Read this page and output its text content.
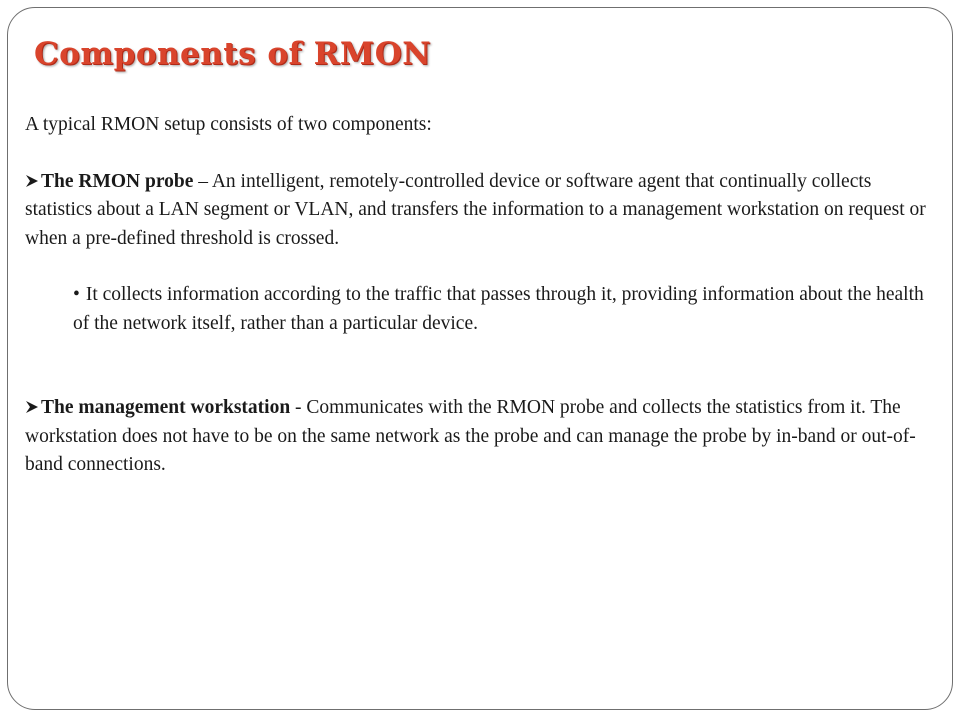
Components of RMON

A typical RMON setup consists of two components:

The RMON probe – An intelligent, remotely-controlled device or software agent that continually collects statistics about a LAN segment or VLAN, and transfers the information to a management workstation on request or when a pre-defined threshold is crossed.

• It collects information according to the traffic that passes through it, providing information about the health of the network itself, rather than a particular device.

The management workstation - Communicates with the RMON probe and collects the statistics from it. The workstation does not have to be on the same network as the probe and can manage the probe by in-band or out-of-band connections.
